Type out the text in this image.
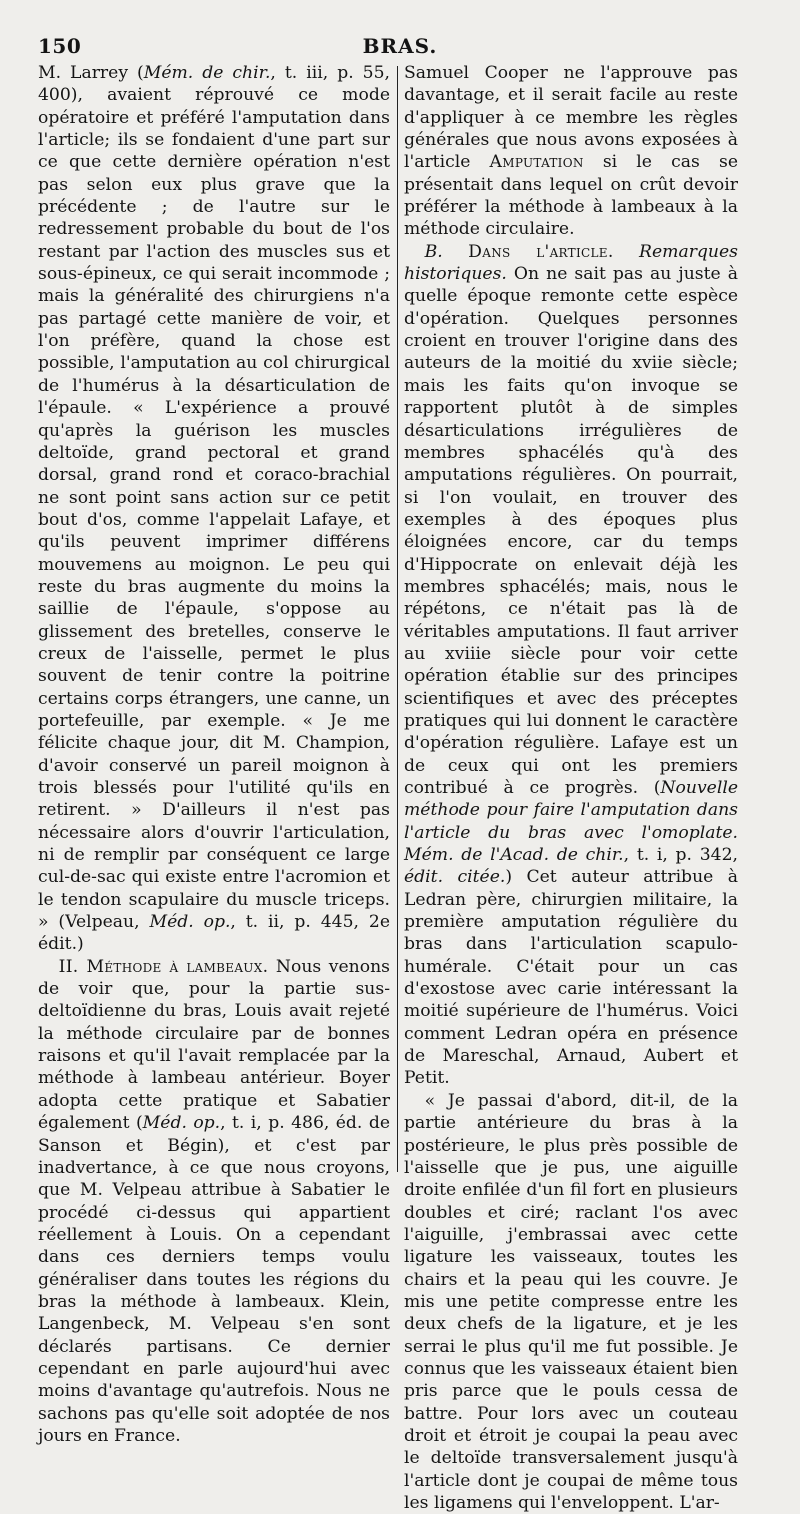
150	BRAS.

M. Larrey (Mém. de chir., t. iii, p. 55, 400), avaient réprouvé ce mode opératoire et préféré l'amputation dans l'article; ils se fondaient d'une part sur ce que cette dernière opération n'est pas selon eux plus grave que la précédente ; de l'autre sur le redressement probable du bout de l'os restant par l'action des muscles sus et sous-épineux, ce qui serait incommode ; mais la généralité des chirurgiens n'a pas partagé cette manière de voir, et l'on préfère, quand la chose est possible, l'amputation au col chirurgical de l'humérus à la désarticulation de l'épaule. « L'expérience a prouvé qu'après la guérison les muscles deltoïde, grand pectoral et grand dorsal, grand rond et coraco-brachial ne sont point sans action sur ce petit bout d'os, comme l'appelait Lafaye, et qu'ils peuvent imprimer différens mouvemens au moignon. Le peu qui reste du bras augmente du moins la saillie de l'épaule, s'oppose au glissement des bretelles, conserve le creux de l'aisselle, permet le plus souvent de tenir contre la poitrine certains corps étrangers, une canne, un portefeuille, par exemple. « Je me félicite chaque jour, dit M. Champion, d'avoir conservé un pareil moignon à trois blessés pour l'utilité qu'ils en retirent. » D'ailleurs il n'est pas nécessaire alors d'ouvrir l'articulation, ni de remplir par conséquent ce large cul-de-sac qui existe entre l'acromion et le tendon scapulaire du muscle triceps. » (Velpeau, Méd. op., t. ii, p. 445, 2e édit.)

II. Méthode à lambeaux. Nous venons de voir que, pour la partie sus-deltoïdienne du bras, Louis avait rejeté la méthode circulaire par de bonnes raisons et qu'il l'avait remplacée par la méthode à lambeau antérieur. Boyer adopta cette pratique et Sabatier également (Méd. op., t. i, p. 486, éd. de Sanson et Bégin), et c'est par inadvertance, à ce que nous croyons, que M. Velpeau attribue à Sabatier le procédé ci-dessus qui appartient réellement à Louis. On a cependant dans ces derniers temps voulu généraliser dans toutes les régions du bras la méthode à lambeaux. Klein, Langenbeck, M. Velpeau s'en sont déclarés partisans. Ce dernier cependant en parle aujourd'hui avec moins d'avantage qu'autrefois. Nous ne sachons pas qu'elle soit adoptée de nos jours en France.

Samuel Cooper ne l'approuve pas davantage, et il serait facile au reste d'appliquer à ce membre les règles générales que nous avons exposées à l'article Amputation si le cas se présentait dans lequel on crût devoir préférer la méthode à lambeaux à la méthode circulaire.

B. Dans l'article. Remarques historiques. On ne sait pas au juste à quelle époque remonte cette espèce d'opération. Quelques personnes croient en trouver l'origine dans des auteurs de la moitié du xviie siècle; mais les faits qu'on invoque se rapportent plutôt à de simples désarticulations irrégulières de membres sphacélés qu'à des amputations régulières. On pourrait, si l'on voulait, en trouver des exemples à des époques plus éloignées encore, car du temps d'Hippocrate on enlevait déjà les membres sphacélés; mais, nous le répétons, ce n'était pas là de véritables amputations. Il faut arriver au xviiie siècle pour voir cette opération établie sur des principes scientifiques et avec des préceptes pratiques qui lui donnent le caractère d'opération régulière. Lafaye est un de ceux qui ont les premiers contribué à ce progrès. (Nouvelle méthode pour faire l'amputation dans l'article du bras avec l'omoplate. Mém. de l'Acad. de chir., t. i, p. 342, édit. citée.) Cet auteur attribue à Ledran père, chirurgien militaire, la première amputation régulière du bras dans l'articulation scapulo-humérale. C'était pour un cas d'exostose avec carie intéressant la moitié supérieure de l'humérus. Voici comment Ledran opéra en présence de Mareschal, Arnaud, Aubert et Petit.

« Je passai d'abord, dit-il, de la partie antérieure du bras à la postérieure, le plus près possible de l'aisselle que je pus, une aiguille droite enfilée d'un fil fort en plusieurs doubles et ciré; raclant l'os avec l'aiguille, j'embrassai avec cette ligature les vaisseaux, toutes les chairs et la peau qui les couvre. Je mis une petite compresse entre les deux chefs de la ligature, et je les serrai le plus qu'il me fut possible. Je connus que les vaisseaux étaient bien pris parce que le pouls cessa de battre. Pour lors avec un couteau droit et étroit je coupai la peau avec le deltoïde transversalement jusqu'à l'article dont je coupai de même tous les ligamens qui l'enveloppent. L'ar-
